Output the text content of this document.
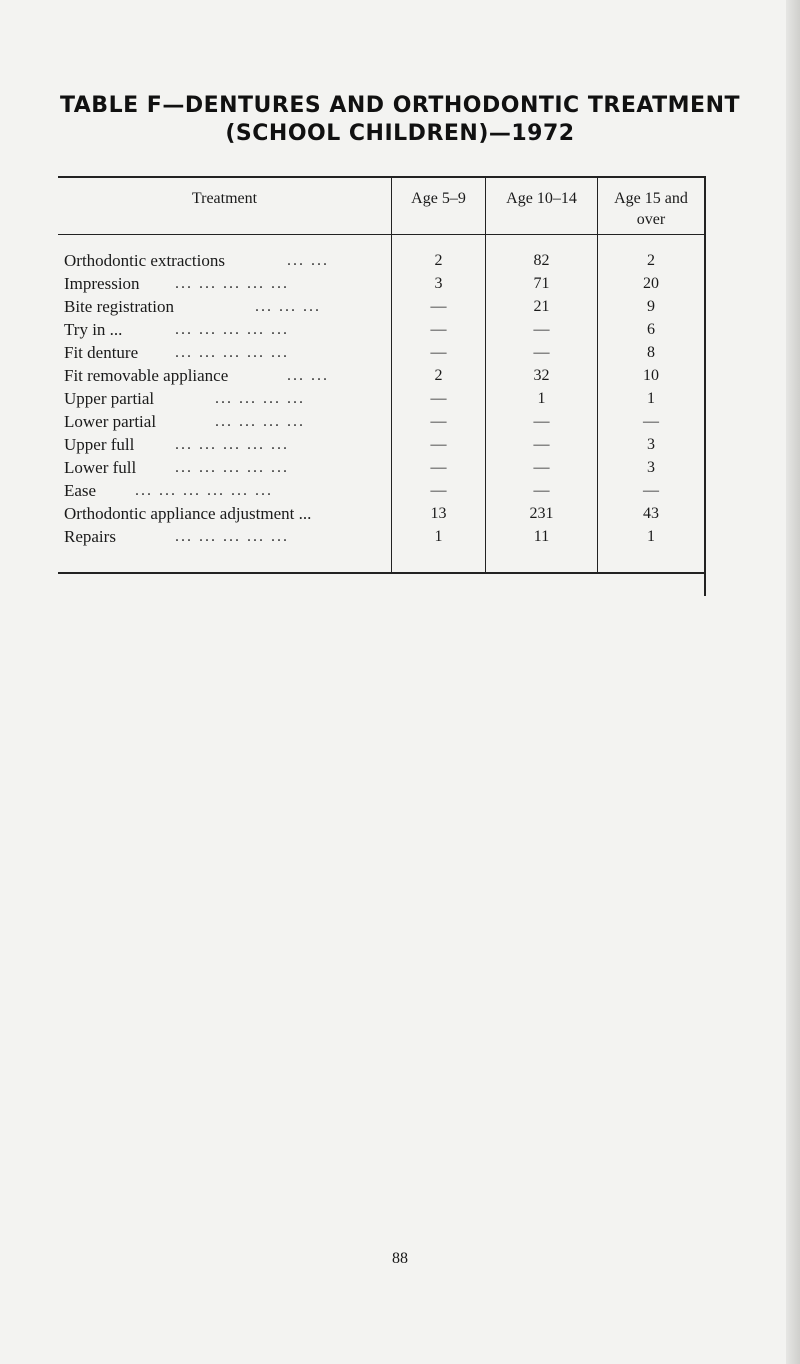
TABLE F—DENTURES AND ORTHODONTIC TREATMENT
(SCHOOL CHILDREN)—1972
Treatment	Age 5–9	Age 10–14	Age 15 and over
Orthodontic extractions	... ...	2	82	2
Impression ... ... ... ... ...	3	71	20
Bite registration	... ... ...	—	21	9
Try in ...	... ... ... ... ...	—	—	6
Fit denture ... ... ... ... ...	—	—	8
Fit removable appliance	... ...	2	32	10
Upper partial	... ... ... ...	—	1	1
Lower partial	... ... ... ...	—	—	—
Upper full	... ... ... ... ...	—	—	3
Lower full ... ... ... ... ...	—	—	3
Ease ... ... ... ... ... ...	—	—	—
Orthodontic appliance adjustment ...	13	231	43
Repairs	... ... ... ... ...	1	11	1
88
